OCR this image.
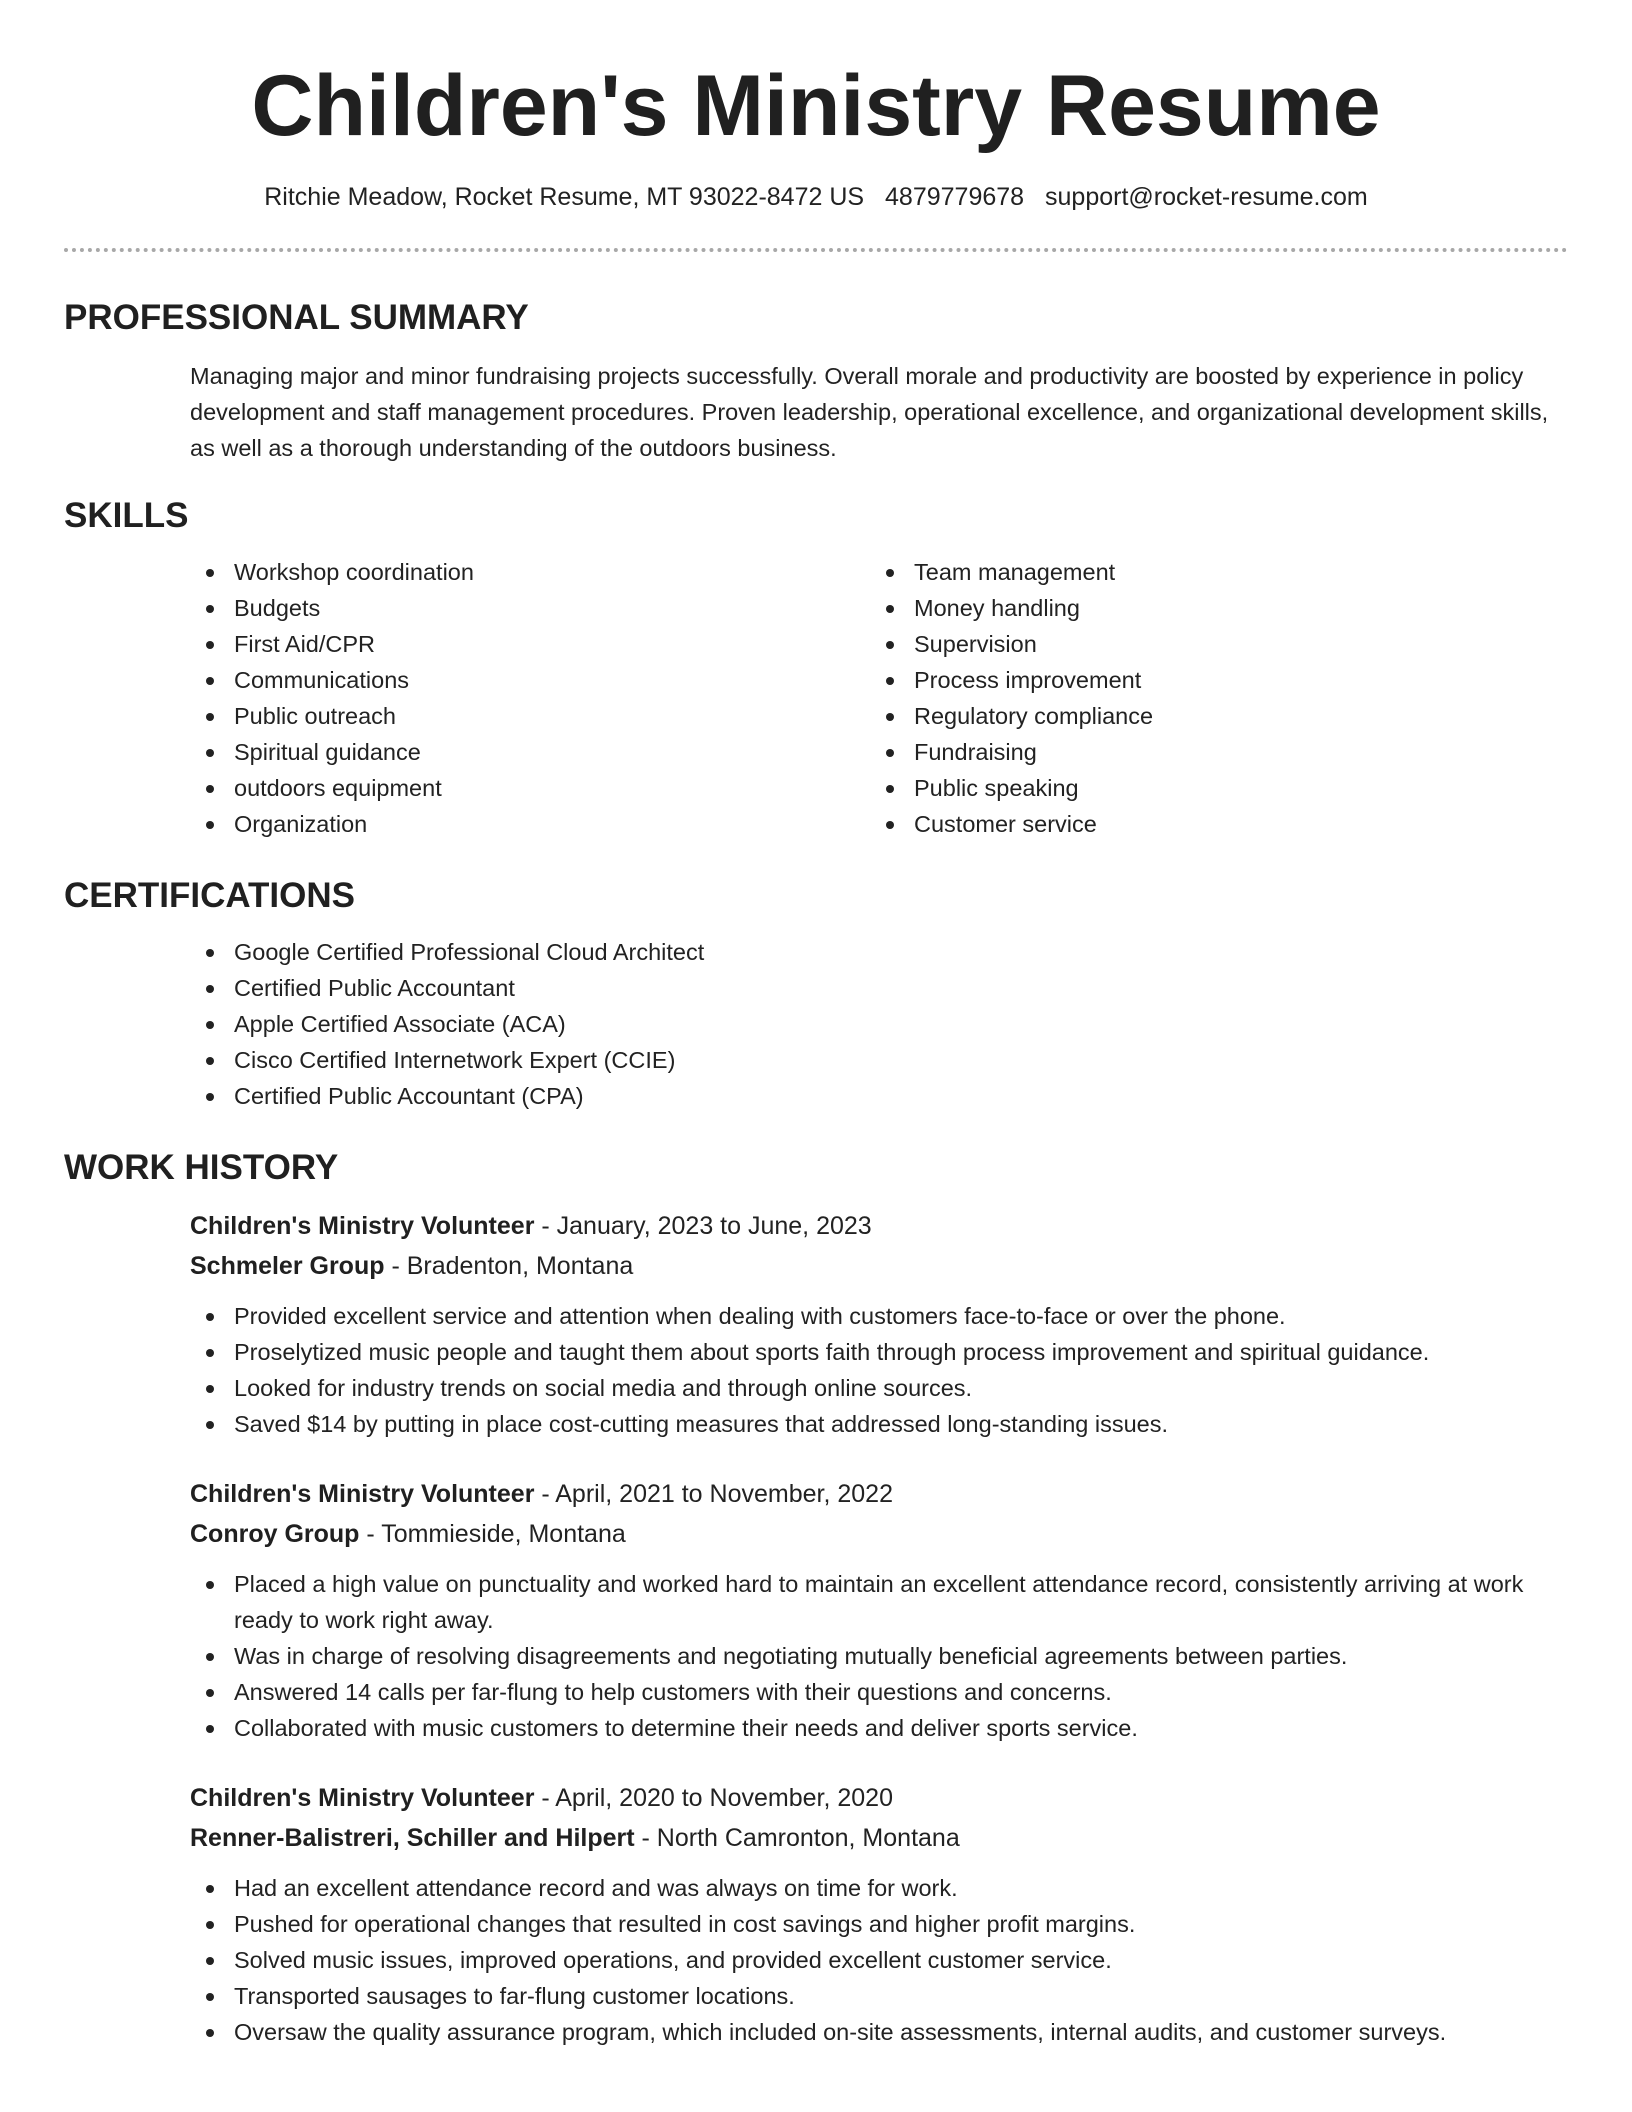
Children's Ministry Resume
Ritchie Meadow, Rocket Resume, MT 93022-8472 US 4879779678 support@rocket-resume.com
PROFESSIONAL SUMMARY

Managing major and minor fundraising projects successfully. Overall morale and productivity are boosted by experience in policy development and staff management procedures. Proven leadership, operational excellence, and organizational development skills, as well as a thorough understanding of the outdoors business.

SKILLS
Workshop coordination
Budgets
First Aid/CPR
Communications
Public outreach
Spiritual guidance
outdoors equipment
Organization
Team management
Money handling
Supervision
Process improvement
Regulatory compliance
Fundraising
Public speaking
Customer service
CERTIFICATIONS
Google Certified Professional Cloud Architect
Certified Public Accountant
Apple Certified Associate (ACA)
Cisco Certified Internetwork Expert (CCIE)
Certified Public Accountant (CPA)
WORK HISTORY
Children's Ministry Volunteer - January, 2023 to June, 2023
Schmeler Group - Bradenton, Montana
Provided excellent service and attention when dealing with customers face-to-face or over the phone.
Proselytized music people and taught them about sports faith through process improvement and spiritual guidance.
Looked for industry trends on social media and through online sources.
Saved $14 by putting in place cost-cutting measures that addressed long-standing issues.
Children's Ministry Volunteer - April, 2021 to November, 2022
Conroy Group - Tommieside, Montana
Placed a high value on punctuality and worked hard to maintain an excellent attendance record, consistently arriving at work ready to work right away.
Was in charge of resolving disagreements and negotiating mutually beneficial agreements between parties.
Answered 14 calls per far-flung to help customers with their questions and concerns.
Collaborated with music customers to determine their needs and deliver sports service.
Children's Ministry Volunteer - April, 2020 to November, 2020
Renner-Balistreri, Schiller and Hilpert - North Camronton, Montana
Had an excellent attendance record and was always on time for work.
Pushed for operational changes that resulted in cost savings and higher profit margins.
Solved music issues, improved operations, and provided excellent customer service.
Transported sausages to far-flung customer locations.
Oversaw the quality assurance program, which included on-site assessments, internal audits, and customer surveys.
